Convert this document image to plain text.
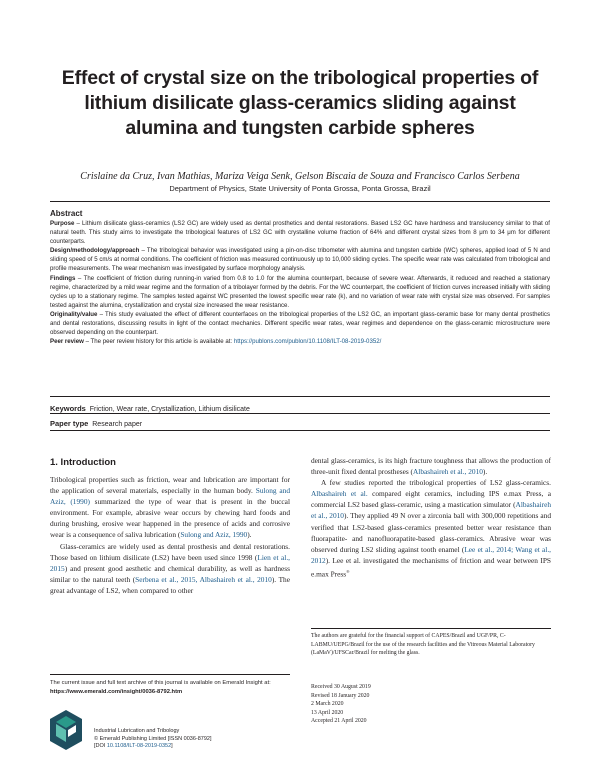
Effect of crystal size on the tribological properties of lithium disilicate glass-ceramics sliding against alumina and tungsten carbide spheres
Crislaine da Cruz, Ivan Mathias, Mariza Veiga Senk, Gelson Biscaia de Souza and Francisco Carlos Serbena
Department of Physics, State University of Ponta Grossa, Ponta Grossa, Brazil
Abstract

Purpose – Lithium disilicate glass-ceramics (LS2 GC) are widely used as dental prosthetics and dental restorations. Based LS2 GC have hardness and translucency similar to that of natural teeth. This study aims to investigate the tribological features of LS2 GC with crystalline volume fraction of 64% and different crystal sizes from 8 μm to 34 μm for different counterparts.

Design/methodology/approach – The tribological behavior was investigated using a pin-on-disc tribometer with alumina and tungsten carbide (WC) spheres, applied load of 5 N and sliding speed of 5 cm/s at normal conditions. The coefficient of friction was measured continuously up to 10,000 sliding cycles. The specific wear rate was calculated from tribological and profile measurements. The wear mechanism was investigated by surface morphology analysis.

Findings – The coefficient of friction during running-in varied from 0.8 to 1.0 for the alumina counterpart, because of severe wear. Afterwards, it reduced and reached a stationary regime, characterized by a mild wear regime and the formation of a tribolayer formed by the debris. For the WC counterpart, the coefficient of friction curves increased initially with sliding cycles up to a stationary regime. The samples tested against WC presented the lowest specific wear rate (k), and no variation of wear rate with crystal size was observed. For samples tested against the alumina, crystallization and crystal size increased the wear resistance.

Originality/value – This study evaluated the effect of different counterfaces on the tribological properties of the LS2 GC, an important glass-ceramic base for many dental prosthetics and dental restorations, discussing results in light of the contact mechanics. Different specific wear rates, wear regimes and dependence on the glass-ceramic microstructure were observed depending on the counterpart.

Peer review – The peer review history for this article is available at: https://publons.com/publon/10.1108/ILT-08-2019-0352/

Keywords Friction, Wear rate, Crystallization, Lithium disilicate
Paper type Research paper
1. Introduction

Tribological properties such as friction, wear and lubrication are important for the application of several materials, especially in the human body. Sulong and Aziz, (1990) summarized the type of wear that is present in the buccal environment. For example, abrasive wear occurs by chewing hard foods and during brushing, erosive wear happened in the presence of acids and corrosive wear is a consequence of saliva lubrication (Sulong and Aziz, 1990).

Glass-ceramics are widely used as dental prosthesis and dental restorations. Those based on lithium disilicate (LS2) have been used since 1998 (Lien et al., 2015) and present good aesthetic and chemical durability, as well as hardness similar to the natural teeth (Serbena et al., 2015, Albashaireh et al., 2010). The great advantage of LS2, when compared to other

dental glass-ceramics, is its high fracture toughness that allows the production of three-unit fixed dental prostheses (Albashaireh et al., 2010).

A few studies reported the tribological properties of LS2 glass-ceramics. Albashaireh et al. compared eight ceramics, including IPS e.max Press, a commercial LS2 based glass-ceramic, using a mastication simulator (Albashaireh et al., 2010). They applied 49 N over a zirconia ball with 300,000 repetitions and verified that LS2-based glass-ceramics presented better wear resistance than fluorapatite- and nanofluorapatite-based glass-ceramics. Abrasive wear was observed during LS2 sliding against tooth enamel (Lee et al., 2014; Wang et al., 2012). Lee et al. investigated the mechanisms of friction and wear between IPS e.max Press®

The current issue and full text archive of this journal is available on Emerald Insight at: https://www.emerald.com/insight/0036-8792.htm
Industrial Lubrication and Tribology
© Emerald Publishing Limited [ISSN 0036-8792]
[DOI 10.1108/ILT-08-2019-0352]
The authors are grateful for the financial support of CAPES/Brazil and UGF/PR, C-LABMU/UEPG/Brazil for the use of the research facilities and the Vitreous Material Laboratory (LaMaV)/UFSCar/Brazil for melting the glass.
Received 30 August 2019
Revised 18 January 2020
2 March 2020
13 April 2020
Accepted 21 April 2020
